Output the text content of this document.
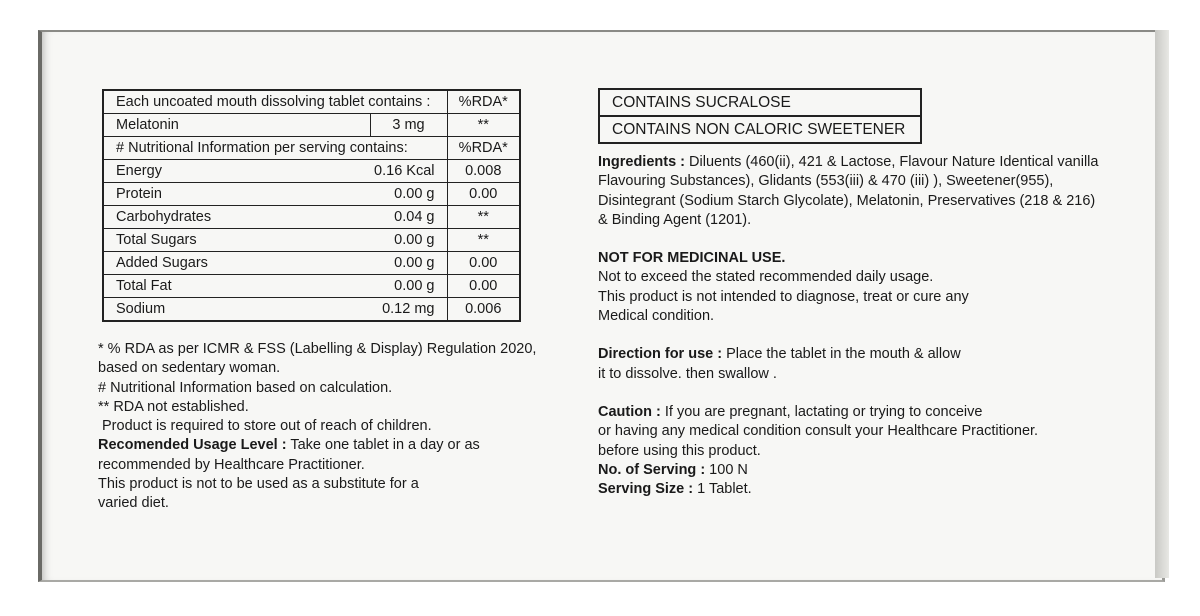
Each uncoated mouth dissolving tablet contains :		%RDA*
Melatonin	3 mg	**
# Nutritional Information per serving contains:		%RDA*
Energy	0.16 Kcal	0.008
Protein	0.00 g	0.00
Carbohydrates	0.04 g	**
Total Sugars	0.00 g	**
Added Sugars	0.00 g	0.00
Total Fat	0.00 g	0.00
Sodium	0.12 mg	0.006

* % RDA as per ICMR & FSS (Labelling & Display) Regulation 2020,

based on sedentary woman.

# Nutritional Information based on calculation.

** RDA not established.

Product is required to store out of reach of children.

Recomended Usage Level : Take one tablet in a day or as

recommended by Healthcare Practitioner.

This product is not to be used as a substitute for a

varied diet.

CONTAINS SUCRALOSE
CONTAINS NON CALORIC SWEETENER

Ingredients : Diluents (460(ii), 421 & Lactose, Flavour Nature Identical vanilla

Flavouring Substances), Glidants (553(iii) & 470 (iii) ), Sweetener(955),

Disintegrant (Sodium Starch Glycolate), Melatonin, Preservatives (218 & 216)

& Binding Agent (1201).

NOT FOR MEDICINAL USE.

Not to exceed the stated recommended daily usage.

This product is not intended to diagnose, treat or cure any

Medical condition.

Direction for use : Place the tablet in the mouth & allow

it to dissolve. then swallow .

Caution : If you are pregnant, lactating or trying to conceive

or having any medical condition consult your Healthcare Practitioner.

before using this product.

No. of Serving : 100 N

Serving Size : 1 Tablet.
